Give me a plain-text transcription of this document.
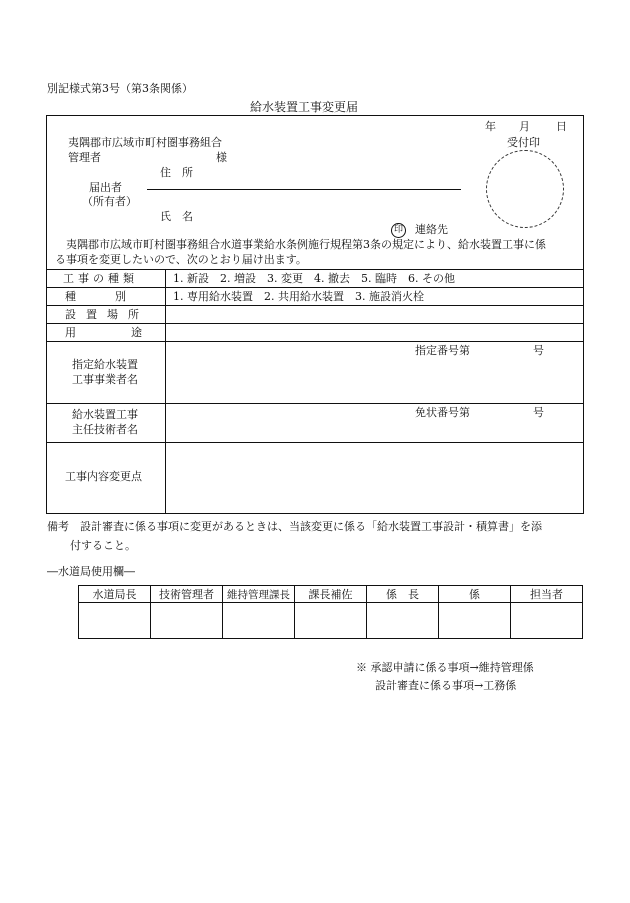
別記様式第3号（第3条関係）
給水装置工事変更届
年 月 日
夷隅郡市広域市町村圏事務組合
管理者	様
受付印
住　所
届出者
（所有者）
氏　名
印 連絡先
　夷隅郡市広域市町村圏事務組合水道事業給水条例施行規程第3条の規定により、給水装置工事に係
る事項を変更したいので、次のとおり届け出ます。
工事の種類	1. 新設　2. 増設　3. 変更　4. 撤去　5. 臨時　6. その他
種　別	1. 専用給水装置　2. 共用給水装置　3. 施設消火栓
設置場所
用　途
指定給水装置
工事事業者名
指定番号第	号
給水装置工事
主任技術者名
免状番号第	号
工事内容変更点
備考　設計審査に係る事項に変更があるときは、当該変更に係る「給水装置工事設計・積算書」を添
付すること。
―水道局使用欄―
水道局長	技術管理者	維持管理課長	課長補佐	係　長	係	担当者

※ 承認申請に係る事項→維持管理係
設計審査に係る事項→工務係
